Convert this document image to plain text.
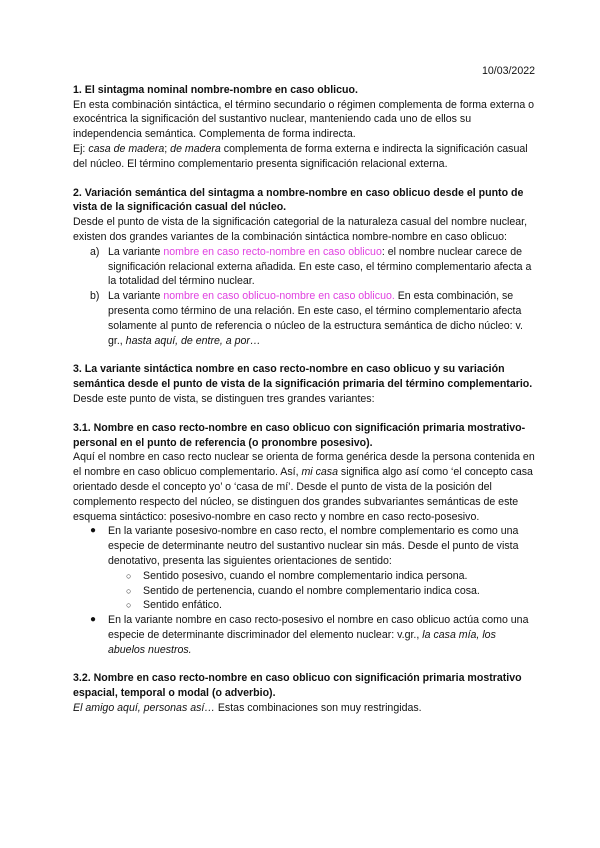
10/03/2022
1. El sintagma nominal nombre-nombre en caso oblicuo.

En esta combinación sintáctica, el término secundario o régimen complementa de forma externa o exocéntrica la significación del sustantivo nuclear, manteniendo cada uno de ellos su independencia semántica. Complementa de forma indirecta.

Ej: casa de madera; de madera complementa de forma externa e indirecta la significación casual del núcleo. El término complementario presenta significación relacional externa.

2. Variación semántica del sintagma a nombre-nombre en caso oblicuo desde el punto de vista de la significación casual del núcleo.

Desde el punto de vista de la significación categorial de la naturaleza casual del nombre nuclear, existen dos grandes variantes de la combinación sintáctica nombre-nombre en caso oblicuo:

a) La variante nombre en caso recto-nombre en caso oblicuo: el nombre nuclear carece de significación relacional externa añadida. En este caso, el término complementario afecta a la totalidad del término nuclear.
b) La variante nombre en caso oblicuo-nombre en caso oblicuo. En esta combinación, se presenta como término de una relación. En este caso, el término complementario afecta solamente al punto de referencia o núcleo de la estructura semántica de dicho núcleo: v. gr., hasta aquí, de entre, a por…
3. La variante sintáctica nombre en caso recto-nombre en caso oblicuo y su variación semántica desde el punto de vista de la significación primaria del término complementario.

Desde este punto de vista, se distinguen tres grandes variantes:

3.1. Nombre en caso recto-nombre en caso oblicuo con significación primaria mostrativo-personal en el punto de referencia (o pronombre posesivo).

Aquí el nombre en caso recto nuclear se orienta de forma genérica desde la persona contenida en el nombre en caso oblicuo complementario. Así, mi casa significa algo así como ‘el concepto casa orientado desde el concepto yo’ o ‘casa de mí’. Desde el punto de vista de la posición del complemento respecto del núcleo, se distinguen dos grandes subvariantes semánticas de este esquema sintáctico: posesivo-nombre en caso recto y nombre en caso recto-posesivo.

● En la variante posesivo-nombre en caso recto, el nombre complementario es como una especie de determinante neutro del sustantivo nuclear sin más. Desde el punto de vista denotativo, presenta las siguientes orientaciones de sentido:
○ Sentido posesivo, cuando el nombre complementario indica persona.
○ Sentido de pertenencia, cuando el nombre complementario indica cosa.
○ Sentido enfático.
● En la variante nombre en caso recto-posesivo el nombre en caso oblicuo actúa como una especie de determinante discriminador del elemento nuclear: v.gr., la casa mía, los abuelos nuestros.
3.2. Nombre en caso recto-nombre en caso oblicuo con significación primaria mostrativo espacial, temporal o modal (o adverbio).

El amigo aquí, personas así… Estas combinaciones son muy restringidas.
